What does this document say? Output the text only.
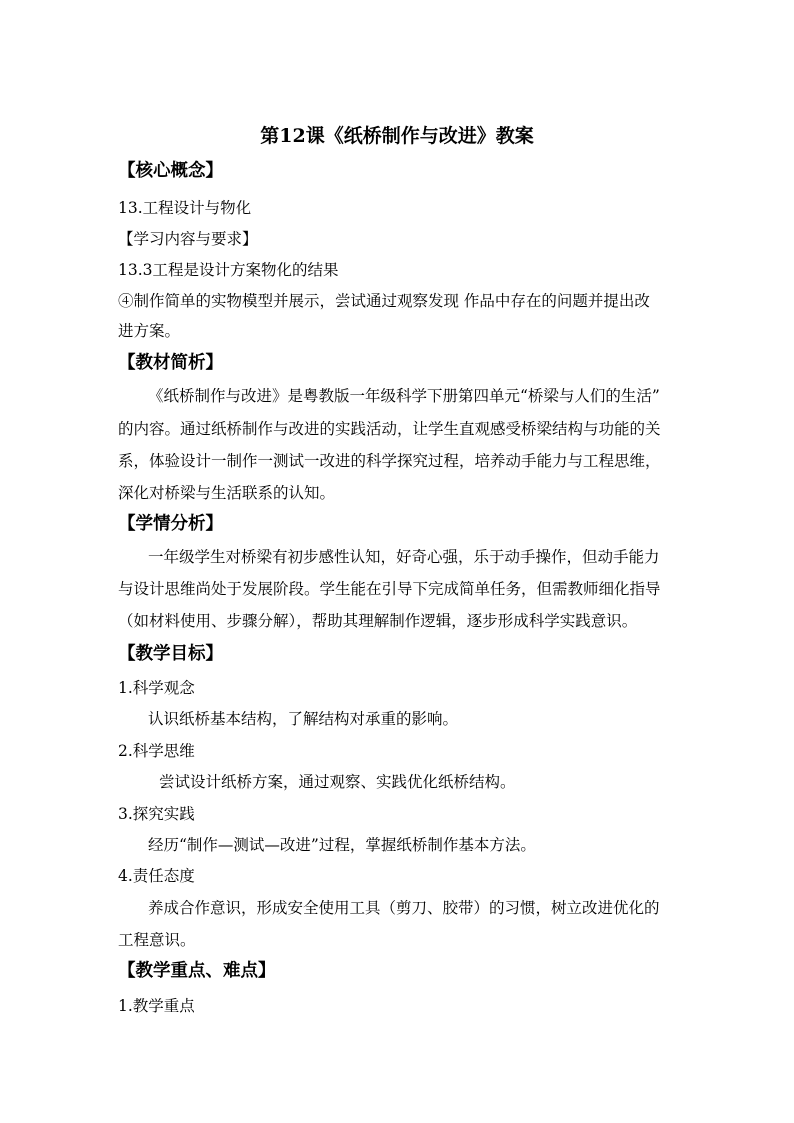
第12课《纸桥制作与改进》教案
【核心概念】
13.工程设计与物化
【学习内容与要求】
13.3工程是设计方案物化的结果
④制作简单的实物模型并展示，尝试通过观察发现 作品中存在的问题并提出改
进方案。
【教材简析】
《纸桥制作与改进》是粤教版一年级科学下册第四单元“桥梁与人们的生活”
的内容。通过纸桥制作与改进的实践活动，让学生直观感受桥梁结构与功能的关
系，体验设计一制作一测试一改进的科学探究过程，培养动手能力与工程思维，
深化对桥梁与生活联系的认知。
【学情分析】
一年级学生对桥梁有初步感性认知，好奇心强，乐于动手操作，但动手能力
与设计思维尚处于发展阶段。学生能在引导下完成简单任务，但需教师细化指导
（如材料使用、步骤分解），帮助其理解制作逻辑，逐步形成科学实践意识。
【教学目标】
1.科学观念
认识纸桥基本结构，了解结构对承重的影响。
2.科学思维
尝试设计纸桥方案，通过观察、实践优化纸桥结构。
3.探究实践
经历“制作—测试—改进”过程，掌握纸桥制作基本方法。
4.责任态度
养成合作意识，形成安全使用工具（剪刀、胶带）的习惯，树立改进优化的
工程意识。
【教学重点、难点】
1.教学重点
